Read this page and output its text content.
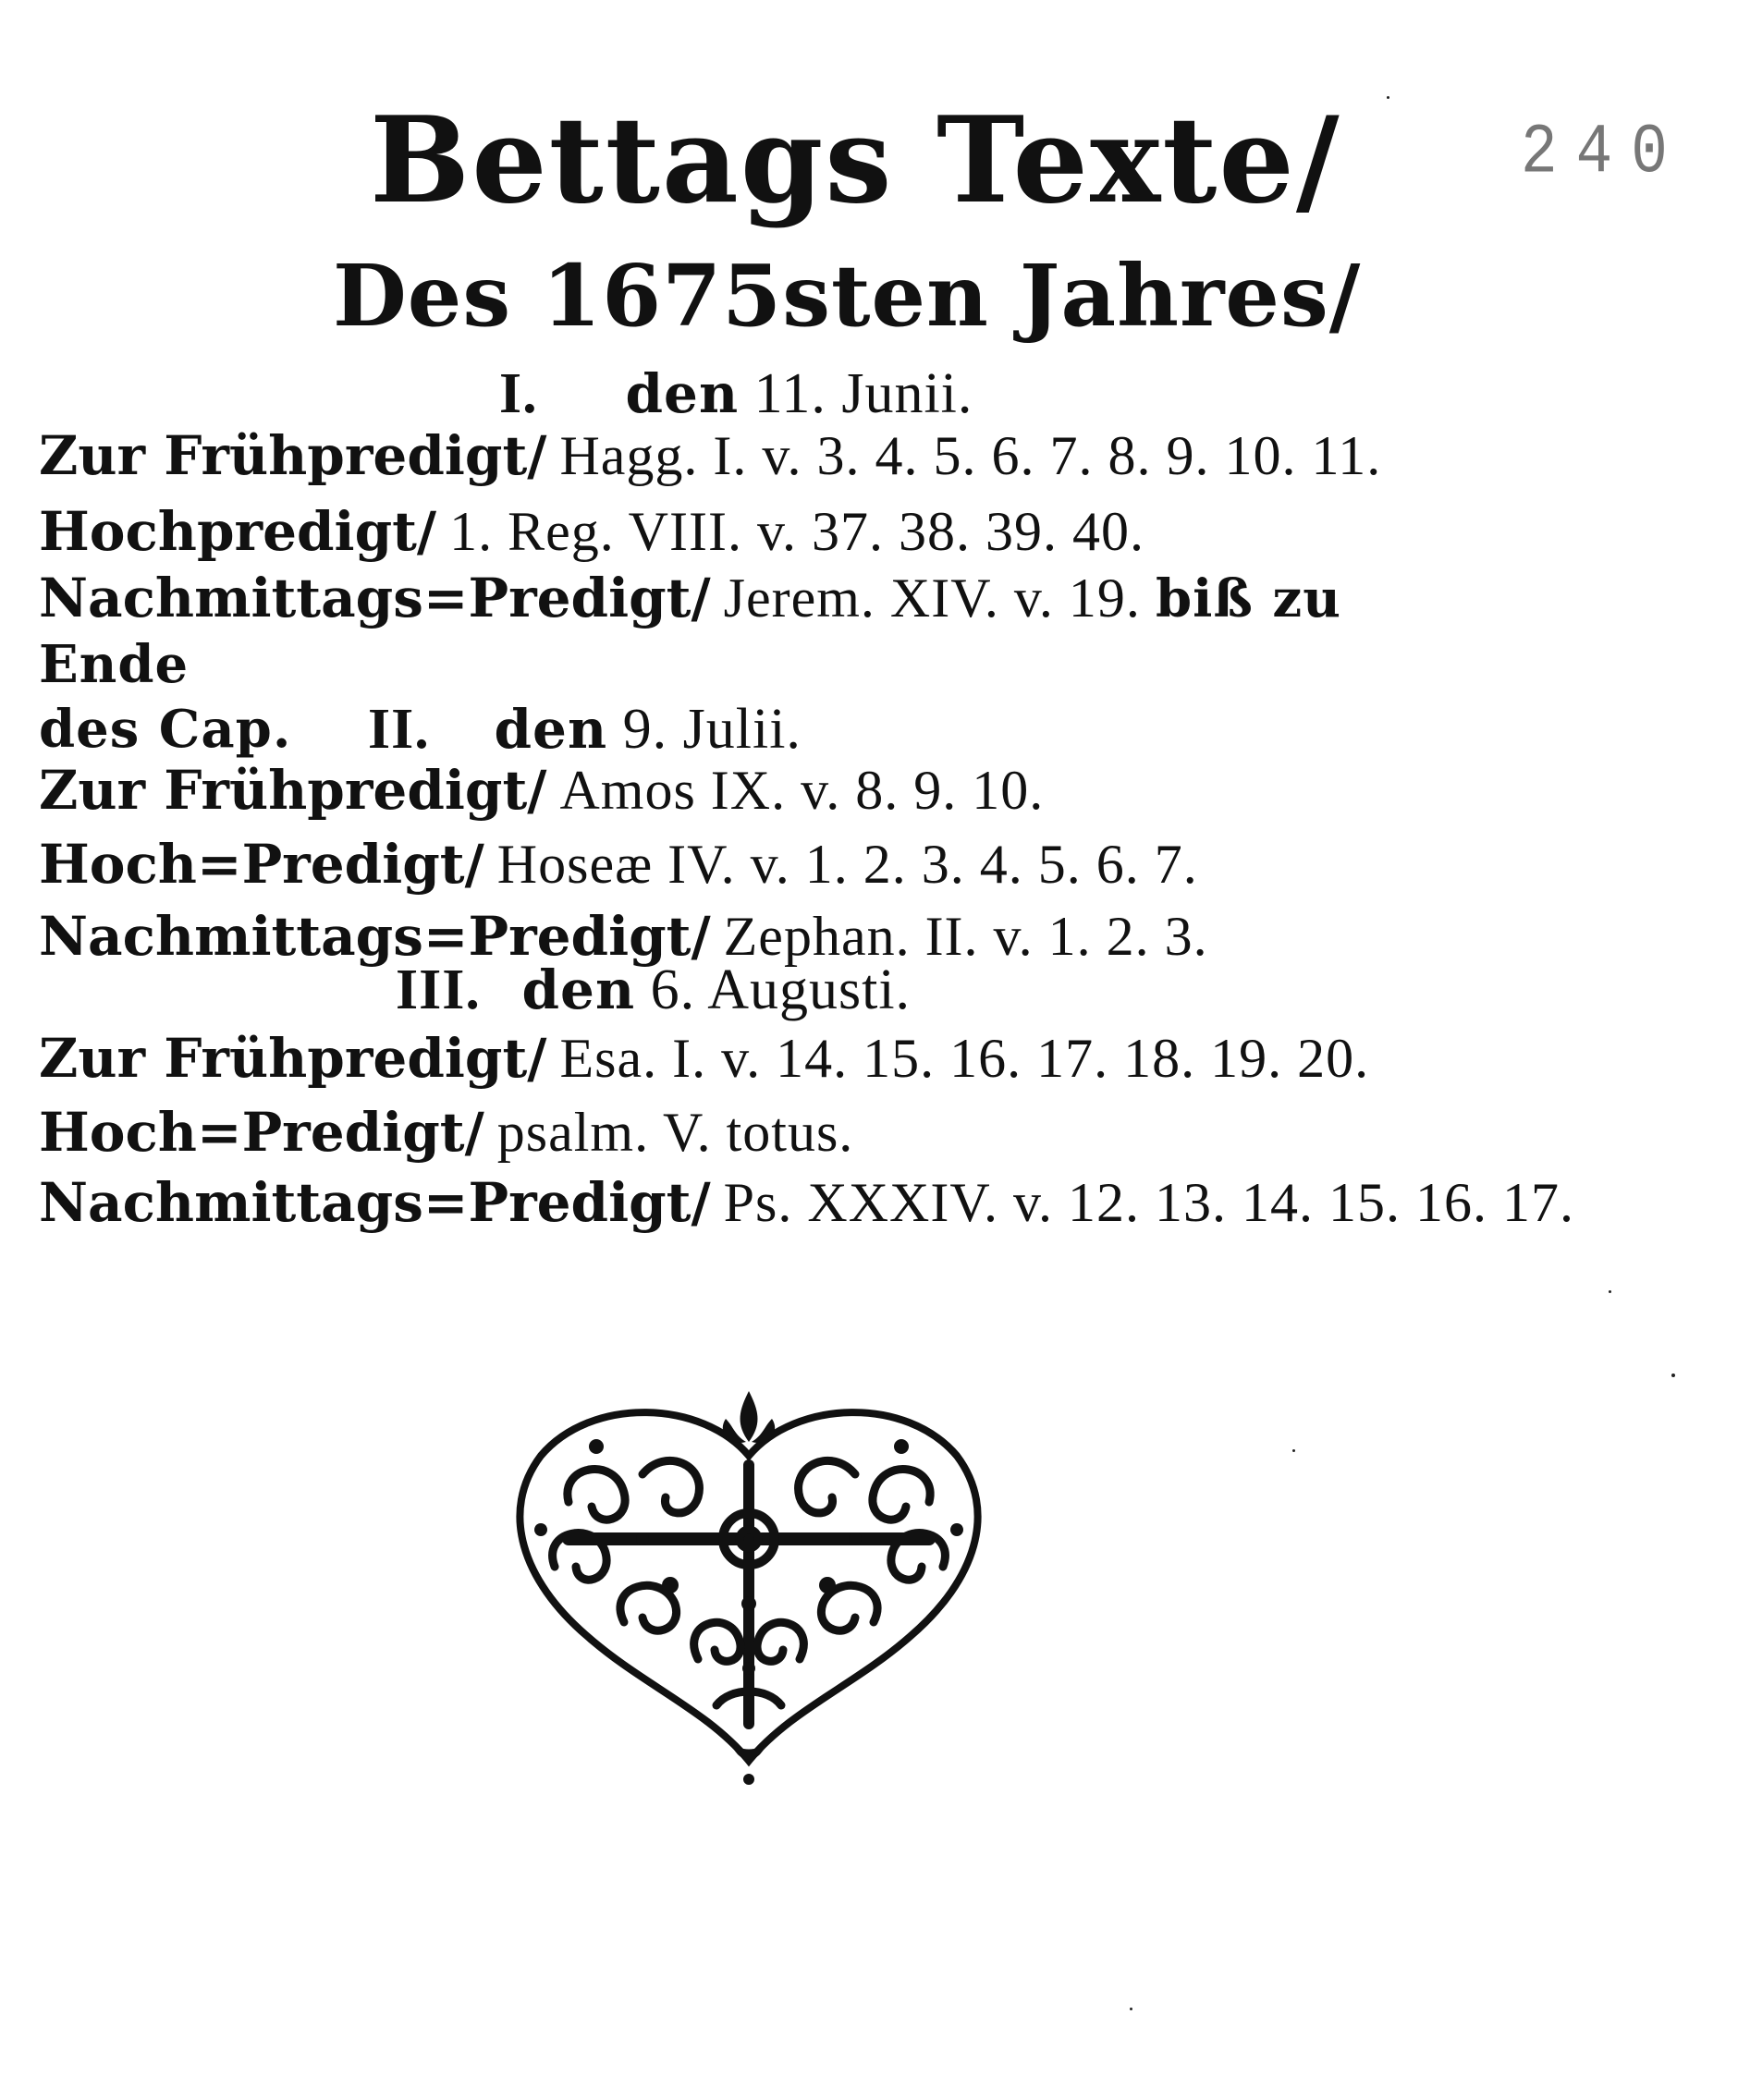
240
Bettags Texte/
Des 1675sten Jahres/
I. den 11. Junii.
Zur Frühpredigt/ Hagg. I. v. 3. 4. 5. 6. 7. 8. 9. 10. 11.
Hochpredigt/ 1. Reg. VIII. v. 37. 38. 39. 40.
Nachmittags=Predigt/ Jerem. XIV. v. 19. biß zu Ende
des Cap.	II. den 9. Julii.
Zur Frühpredigt/ Amos IX. v. 8. 9. 10.
Hoch=Predigt/ Hoseæ IV. v. 1. 2. 3. 4. 5. 6. 7.
Nachmittags=Predigt/ Zephan. II. v. 1. 2. 3.
III. den 6. Augusti.
Zur Frühpredigt/ Esa. I. v. 14. 15. 16. 17. 18. 19. 20.
Hoch=Predigt/ psalm. V. totus.
Nachmittags=Predigt/ Ps. XXXIV. v. 12. 13. 14. 15. 16. 17.
